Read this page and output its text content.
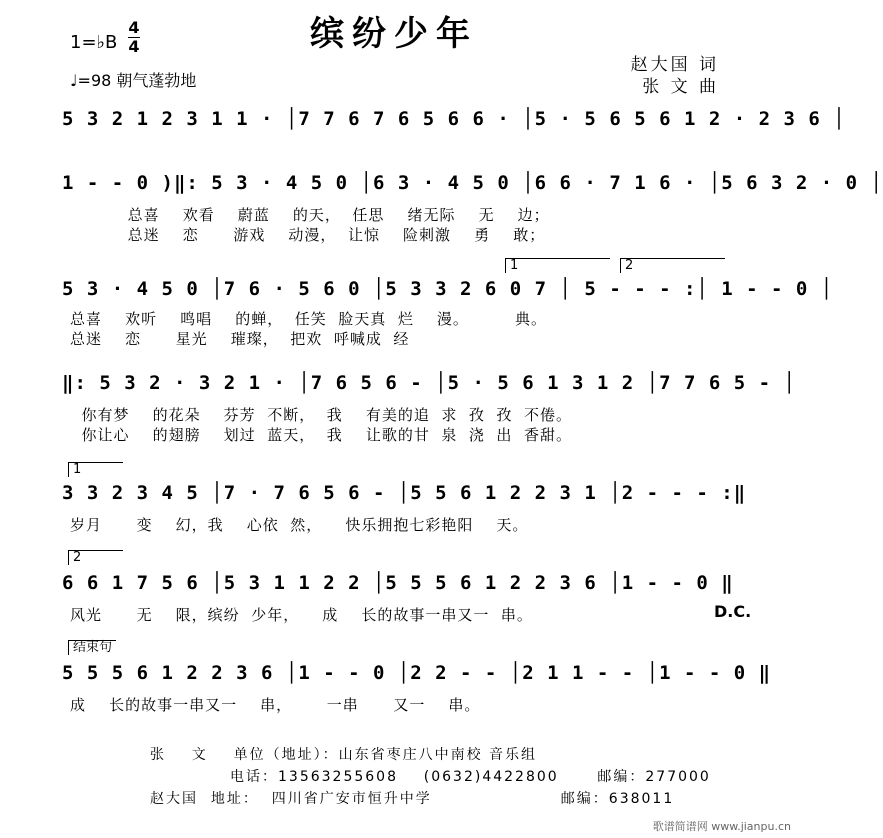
缤纷少年
1=♭B
4
4
♩=98 朝气蓬勃地
赵大国 词
张 文 曲
5 3 2 1 2 3 1 1 · │7 7 6 7 6 5 6 6 · │5 · 5 6 5 6 1 2 · 2 3 6 │
1 - - 0 )‖: 5 3 · 4 5 0 │6 3 · 4 5 0 │6 6 · 7 1 6 · │5 6 3 2 · 0 │
总喜    欢看    蔚蓝    的天，  任思    绪无际    无    边；
总迷    恋      游戏    动漫，  让惊    险刺激    勇    敢；
1	2
5 3 · 4 5 0 │7 6 · 5 6 0 │5 3 3 2 6 0 7 │ 5 - - - :│ 1 - - 0 │
总喜    欢听    鸣唱    的蝉，  任笑  脸天真  烂    漫。        典。
总迷    恋      星光    璀璨，  把欢  呼喊成  经
‖: 5 3 2 · 3 2 1 · │7 6 5 6 - │5 · 5 6 1 3 1 2 │7 7 6 5 - │
你有梦    的花朵    芬芳  不断，  我    有美的追  求  孜  孜  不倦。
你让心    的翅膀    划过  蓝天，  我    让歌的甘  泉  浇  出  香甜。
1
3 3 2 3 4 5 │7 · 7 6 5 6 - │5 5 6 1 2 2 3 1 │2 - - - :‖
岁月      变    幻，我    心依  然，    快乐拥抱七彩艳阳    天。
2
6 6 1 7 5 6 │5 3 1 1 2 2 │5 5 5 6 1 2 2 3 6 │1 - - 0 ‖
风光      无    限，缤纷  少年，    成    长的故事一串又一  串。	D.C.
结束句
5 5 5 6 1 2 2 3 6 │1 - - 0 │2 2 - - │2 1 1 - - │1 - - 0 ‖
成    长的故事一串又一    串，      一串      又一    串。
张    文    单位（地址）：山东省枣庄八中南校 音乐组
电话：13563255608    (0632)4422800      邮编：277000
赵大国  地址：  四川省广安市恒升中学                    邮编：638011
歌谱简谱网 www.jianpu.cn
